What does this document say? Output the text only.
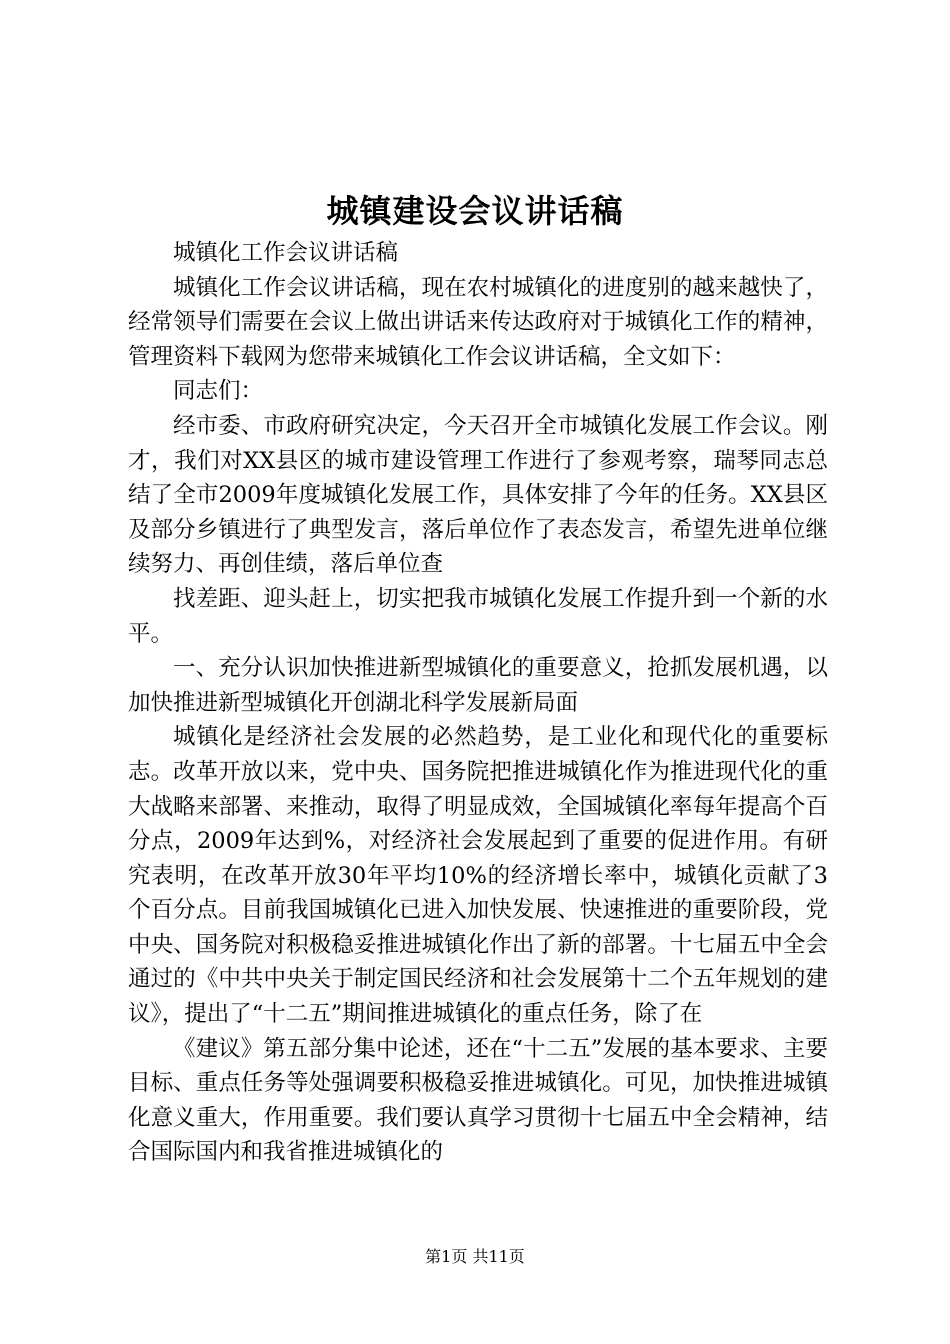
城镇建设会议讲话稿

城镇化工作会议讲话稿

城镇化工作会议讲话稿，现在农村城镇化的进度别的越来越快了，经常领导们需要在会议上做出讲话来传达政府对于城镇化工作的精神，管理资料下载网为您带来城镇化工作会议讲话稿，全文如下：

同志们：

经市委、市政府研究决定，今天召开全市城镇化发展工作会议。刚才，我们对XX县区的城市建设管理工作进行了参观考察，瑞琴同志总结了全市2009年度城镇化发展工作，具体安排了今年的任务。XX县区及部分乡镇进行了典型发言，落后单位作了表态发言，希望先进单位继续努力、再创佳绩，落后单位查

找差距、迎头赶上，切实把我市城镇化发展工作提升到一个新的水平。

一、充分认识加快推进新型城镇化的重要意义，抢抓发展机遇，以加快推进新型城镇化开创湖北科学发展新局面

城镇化是经济社会发展的必然趋势，是工业化和现代化的重要标志。改革开放以来，党中央、国务院把推进城镇化作为推进现代化的重大战略来部署、来推动，取得了明显成效，全国城镇化率每年提高个百分点，2009年达到%，对经济社会发展起到了重要的促进作用。有研究表明，在改革开放30年平均10%的经济增长率中，城镇化贡献了3个百分点。目前我国城镇化已进入加快发展、快速推进的重要阶段，党中央、国务院对积极稳妥推进城镇化作出了新的部署。十七届五中全会通过的《中共中央关于制定国民经济和社会发展第十二个五年规划的建议》，提出了“十二五”期间推进城镇化的重点任务，除了在

《建议》第五部分集中论述，还在“十二五”发展的基本要求、主要目标、重点任务等处强调要积极稳妥推进城镇化。可见，加快推进城镇化意义重大，作用重要。我们要认真学习贯彻十七届五中全会精神，结合国际国内和我省推进城镇化的

第1页 共11页
